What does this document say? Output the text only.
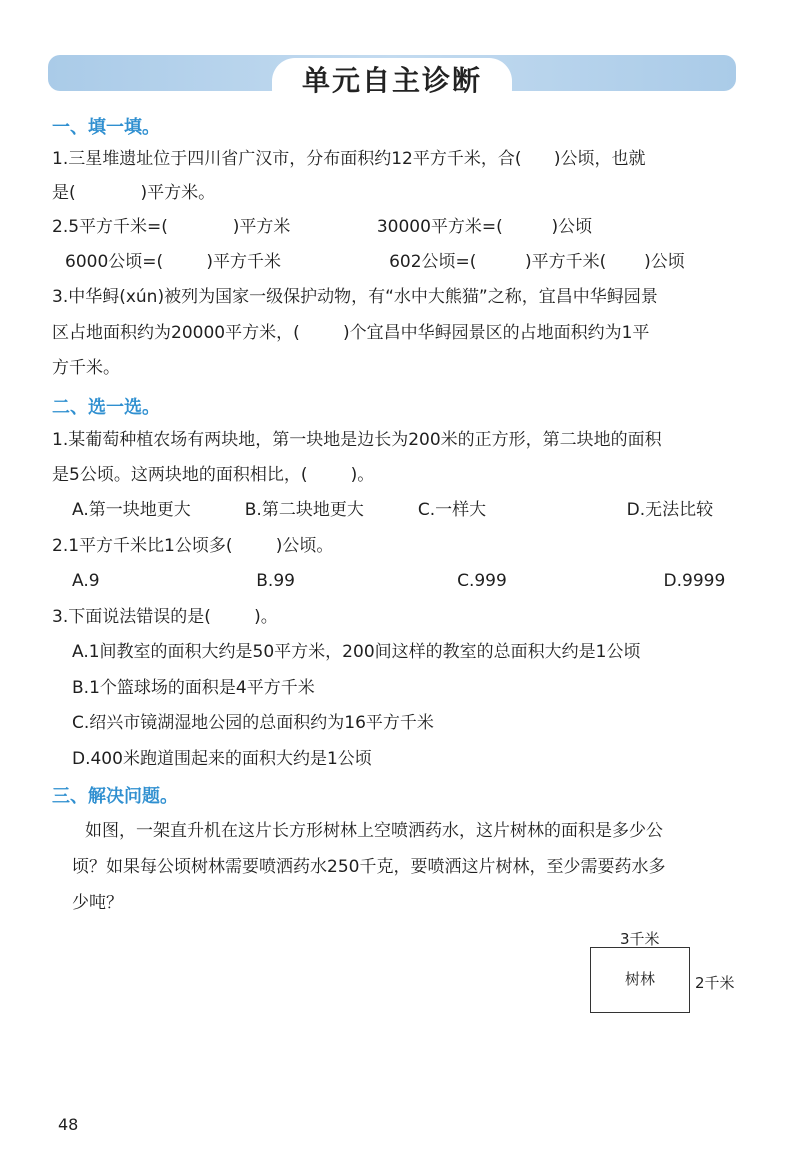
单元自主诊断
一、填一填。
1.三星堆遗址位于四川省广汉市，分布面积约12平方千米，合(      )公顷，也就
是(            )平方米。
2.5平方千米=(            )平方米                30000平方米=(         )公顷
6000公顷=(        )平方千米                    602公顷=(         )平方千米(       )公顷
3.中华鲟(xún)被列为国家一级保护动物，有“水中大熊猫”之称，宜昌中华鲟园景
区占地面积约为20000平方米，(        )个宜昌中华鲟园景区的占地面积约为1平
方千米。
二、选一选。
1.某葡萄种植农场有两块地，第一块地是边长为200米的正方形，第二块地的面积
是5公顷。这两块地的面积相比，(        )。
A.第一块地更大          B.第二块地更大          C.一样大                          D.无法比较
2.1平方千米比1公顷多(        )公顷。
A.9                             B.99                              C.999                             D.9999
3.下面说法错误的是(        )。
A.1间教室的面积大约是50平方米，200间这样的教室的总面积大约是1公顷
B.1个篮球场的面积是4平方千米
C.绍兴市镜湖湿地公园的总面积约为16平方千米
D.400米跑道围起来的面积大约是1公顷
三、解决问题。
如图，一架直升机在这片长方形树林上空喷洒药水，这片树林的面积是多少公
顷？如果每公顷树林需要喷洒药水250千克，要喷洒这片树林，至少需要药水多
少吨？
3千米
树林	2千米
48
